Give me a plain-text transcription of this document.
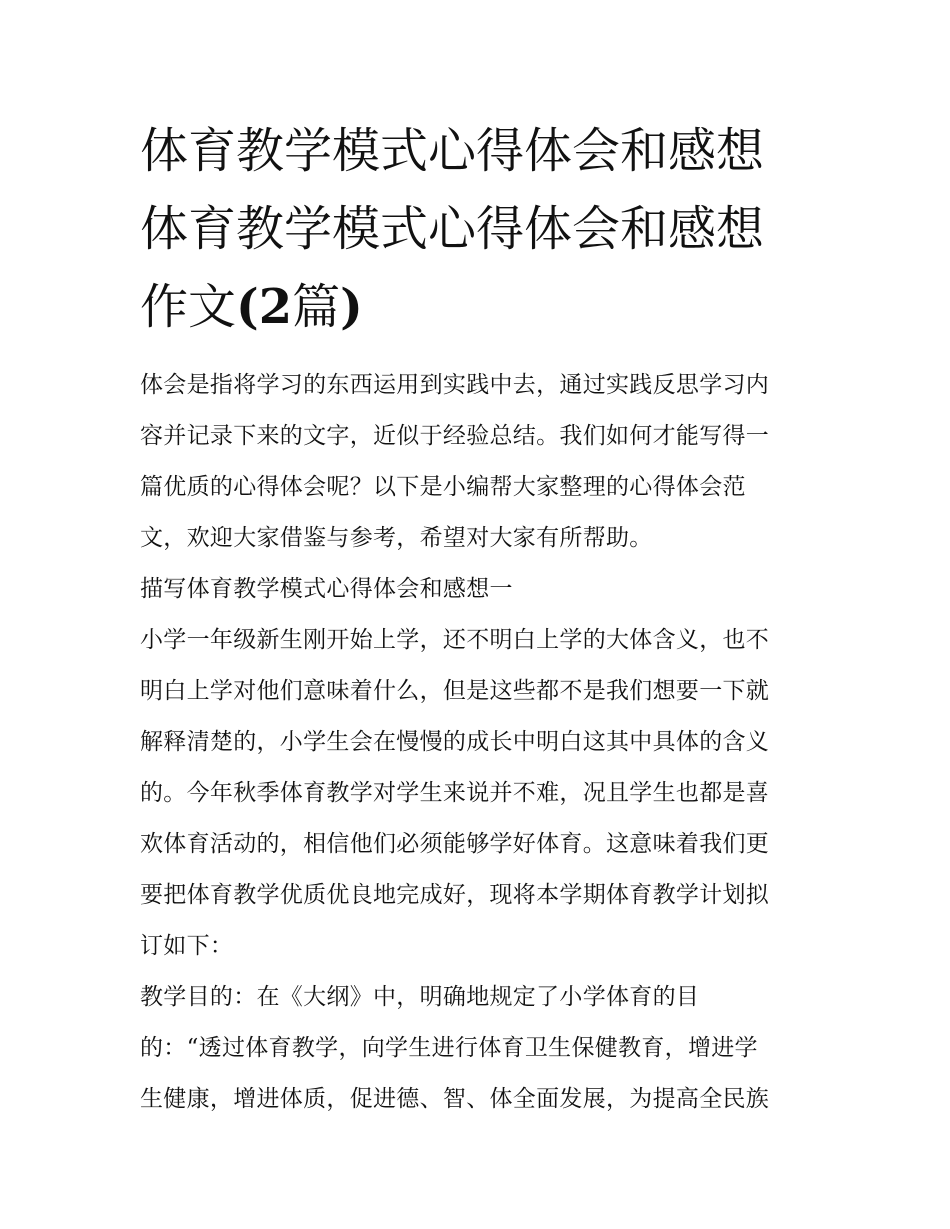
体育教学模式心得体会和感想
体育教学模式心得体会和感想
作文(2篇)
体会是指将学习的东西运用到实践中去，通过实践反思学习内
容并记录下来的文字，近似于经验总结。我们如何才能写得一
篇优质的心得体会呢？以下是小编帮大家整理的心得体会范
文，欢迎大家借鉴与参考，希望对大家有所帮助。
描写体育教学模式心得体会和感想一
小学一年级新生刚开始上学，还不明白上学的大体含义，也不
明白上学对他们意味着什么，但是这些都不是我们想要一下就
解释清楚的，小学生会在慢慢的成长中明白这其中具体的含义
的。今年秋季体育教学对学生来说并不难，况且学生也都是喜
欢体育活动的，相信他们必须能够学好体育。这意味着我们更
要把体育教学优质优良地完成好，现将本学期体育教学计划拟
订如下：
教学目的：在《大纲》中，明确地规定了小学体育的目
的：“透过体育教学，向学生进行体育卫生保健教育，增进学
生健康，增进体质，促进德、智、体全面发展，为提高全民族
